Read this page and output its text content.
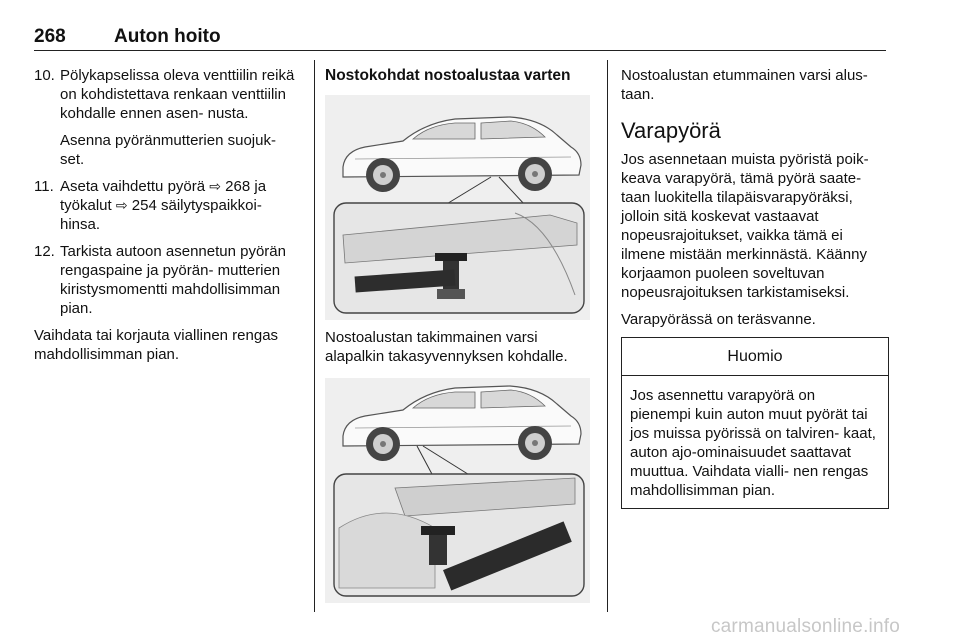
268	Auton hoito
10. Pölykapselissa oleva venttiilin reikä on kohdistettava renkaan venttiilin kohdalle ennen asen- nusta.

Asenna pyöränmutterien suojuk- set.

11. Aseta vaihdettu pyörä ⇨ 268 ja työkalut ⇨ 254 säilytyspaikkoi- hinsa.

12. Tarkista autoon asennetun pyörän rengaspaine ja pyörän- mutterien kiristysmomentti mahdollisimman pian.

Vaihdata tai korjauta viallinen rengas mahdollisimman pian.

Nostokohdat nostoalustaa varten

Nostoalustan takimmainen varsi alapalkin takasyvennyksen kohdalle.

Nostoalustan etummainen varsi alus- taan.

Varapyörä

Jos asennetaan muista pyöristä poik- keava varapyörä, tämä pyörä saate- taan luokitella tilapäisvarapyöräksi, jolloin sitä koskevat vastaavat nopeusrajoitukset, vaikka tämä ei ilmene mistään merkinnästä. Käänny korjaamon puoleen soveltuvan nopeusrajoituksen tarkistamiseksi.

Varapyörässä on teräsvanne.

Huomio
Jos asennettu varapyörä on pienempi kuin auton muut pyörät tai jos muissa pyörissä on talviren- kaat, auton ajo-ominaisuudet saattavat muuttua. Vaihdata vialli- nen rengas mahdollisimman pian.
carmanualsonline.info
